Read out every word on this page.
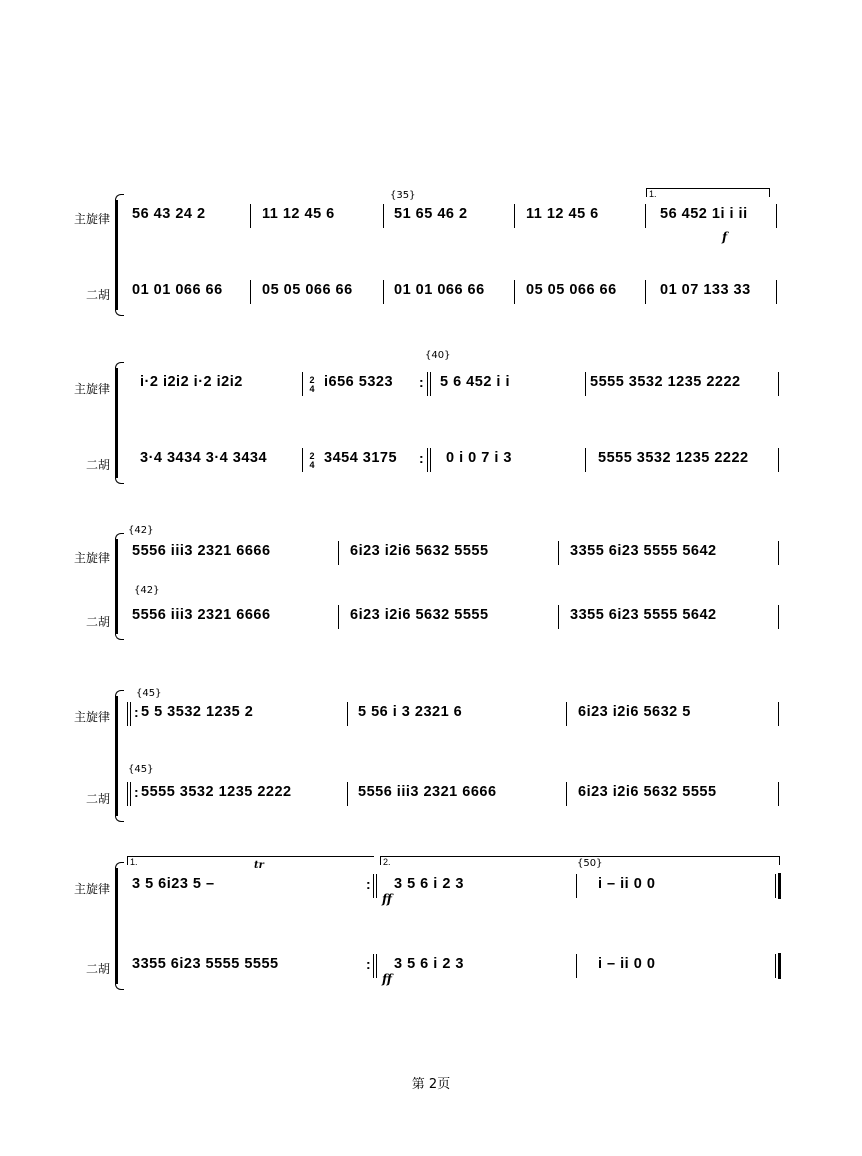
主旋律
二胡
{35}	1.
56 43 24 2	11 12 45 6	51 65 46 2	11 12 45 6	56 452 1i i ii
f
01 01 066 66	05 05 066 66	01 01 066 66	05 05 066 66	01 07 133 33
主旋律
二胡
{40}
i·2 i2i2 i·2 i2i2	2
4 i656 5323 : 5 6 452 i i	5555 3532 1235 2222
3·4 3434 3·4 3434	2
4 3454 3175 : 0 i 0 7 i 3	5555 3532 1235 2222
主旋律
二胡
{42}
{42}
5556 iii3 2321 6666	6i23 i2i6 5632 5555	3355 6i23 5555 5642
5556 iii3 2321 6666	6i23 i2i6 5632 5555	3355 6i23 5555 5642
主旋律
二胡
{45}
{45}
: 5 5 3532 1235 2	5 56 i 3 2321 6	6i23 i2i6 5632 5
: 5555 3532 1235 2222	5556 iii3 2321 6666	6i23 i2i6 5632 5555
主旋律
二胡
1.	2.	{50}
tr
3 5 6i23 5 –	: 3 5 6 i 2 3
ff
i – ii 0 0
3355 6i23 5555 5555	: 3 5 6 i 2 3
ff
i – ii 0 0
第 2页
